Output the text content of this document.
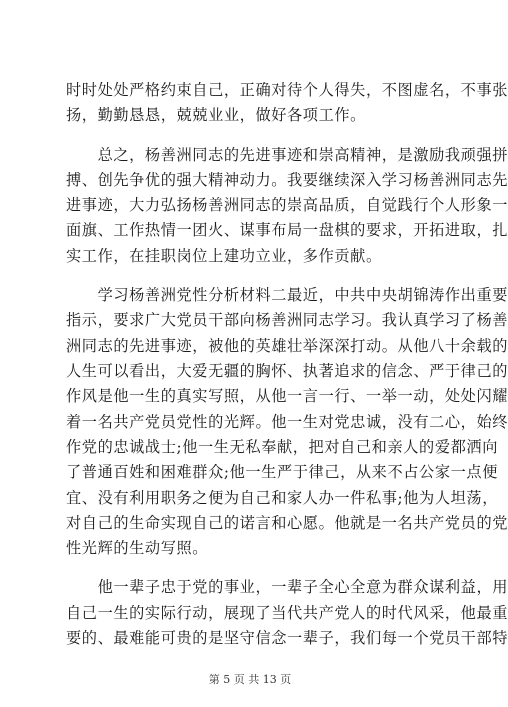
时时处处严格约束自己，正确对待个人得失，不图虚名，不事张
扬，勤勤恳恳，兢兢业业，做好各项工作。
　　总之，杨善洲同志的先进事迹和崇高精神，是激励我顽强拼
搏、创先争优的强大精神动力。我要继续深入学习杨善洲同志先
进事迹，大力弘扬杨善洲同志的崇高品质，自觉践行个人形象一
面旗、工作热情一团火、谋事布局一盘棋的要求，开拓进取，扎
实工作，在挂职岗位上建功立业，多作贡献。
　　学习杨善洲党性分析材料二最近，中共中央胡锦涛作出重要
指示，要求广大党员干部向杨善洲同志学习。我认真学习了杨善
洲同志的先进事迹，被他的英雄壮举深深打动。从他八十余载的
人生可以看出，大爱无疆的胸怀、执著追求的信念、严于律己的
作风是他一生的真实写照，从他一言一行、一举一动，处处闪耀
着一名共产党员党性的光辉。他一生对党忠诚，没有二心，始终
作党的忠诚战士;他一生无私奉献，把对自己和亲人的爱都洒向
了普通百姓和困难群众;他一生严于律己，从来不占公家一点便
宜、没有利用职务之便为自己和家人办一件私事;他为人坦荡，
对自己的生命实现自己的诺言和心愿。他就是一名共产党员的党
性光辉的生动写照。
　　他一辈子忠于党的事业，一辈子全心全意为群众谋利益，用
自己一生的实际行动，展现了当代共产党人的时代风采，他最重
要的、最难能可贵的是坚守信念一辈子，我们每一个党员干部特
第 5 页 共 13 页
